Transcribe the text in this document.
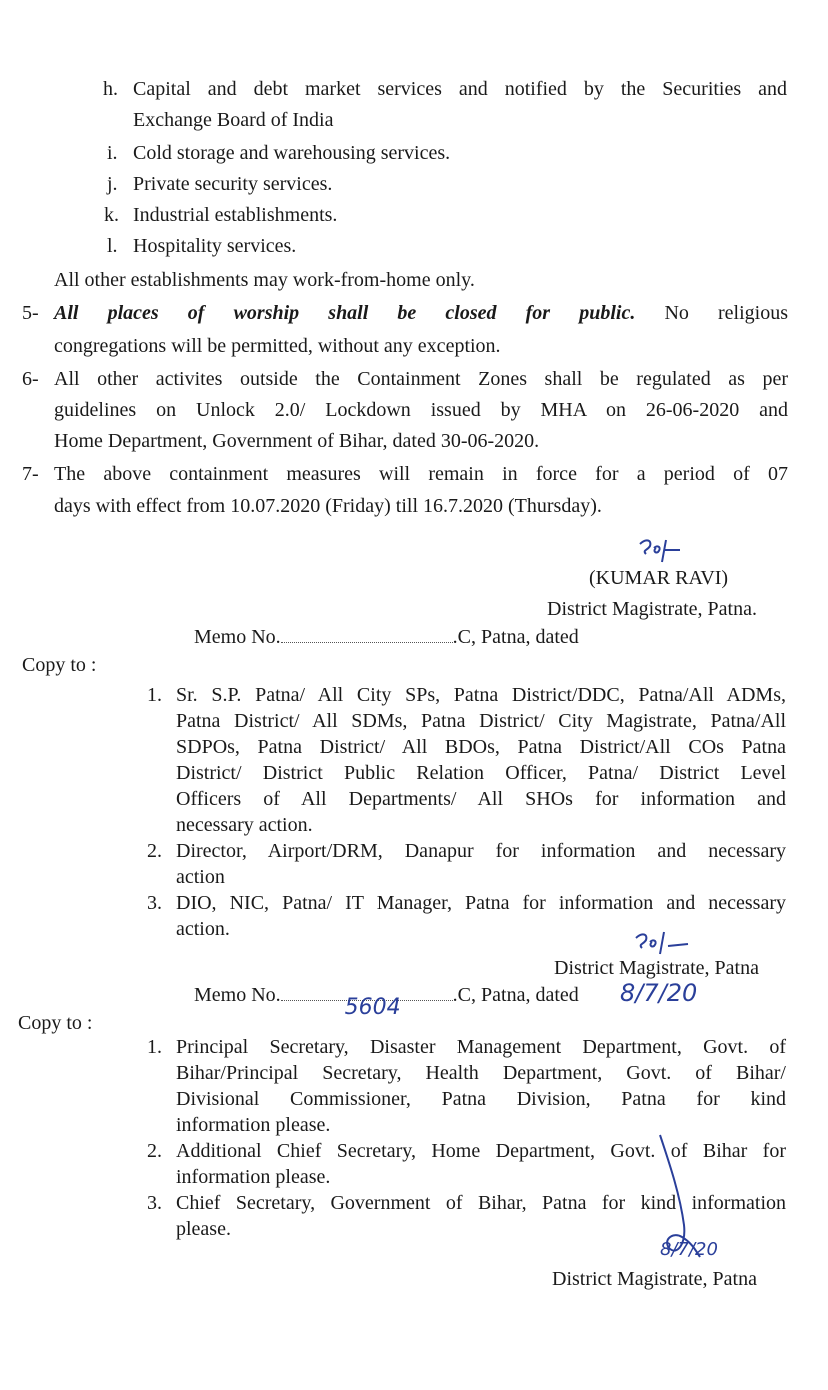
h. Capital and debt market services and notified by the Securities and
Exchange Board of India
i. Cold storage and warehousing services.
j. Private security services.
k. Industrial establishments.
l. Hospitality services.
All other establishments may work-from-home only.
5- All places of worship shall be closed for public. No religious
congregations will be permitted, without any exception.
6- All other activites outside the Containment Zones shall be regulated as per
guidelines on Unlock 2.0/ Lockdown issued by MHA on 26-06-2020 and
Home Department, Government of Bihar, dated 30-06-2020.
7- The above containment measures will remain in force for a period of 07
days with effect from 10.07.2020 (Friday) till 16.7.2020 (Thursday).
(KUMAR RAVI)
District Magistrate, Patna.
Memo No.	.C, Patna, dated
Copy to :
1. Sr. S.P. Patna/ All City SPs, Patna District/DDC, Patna/All ADMs,
Patna District/ All SDMs, Patna District/ City Magistrate, Patna/All
SDPOs, Patna District/ All BDOs, Patna District/All COs Patna
District/ District Public Relation Officer, Patna/ District Level
Officers of All Departments/ All SHOs for information and
necessary action.
2. Director, Airport/DRM, Danapur for information and necessary
action
3. DIO, NIC, Patna/ IT Manager, Patna for information and necessary
action.
District Magistrate, Patna
Memo No.	5604	.C, Patna, dated 8/7/20
Copy to :
1. Principal Secretary, Disaster Management Department, Govt. of
Bihar/Principal Secretary, Health Department, Govt. of Bihar/
Divisional Commissioner, Patna Division, Patna for kind
information please.
2. Additional Chief Secretary, Home Department, Govt. of Bihar for
information please.
3. Chief Secretary, Government of Bihar, Patna for kind information
please.
8/7/20
District Magistrate, Patna
